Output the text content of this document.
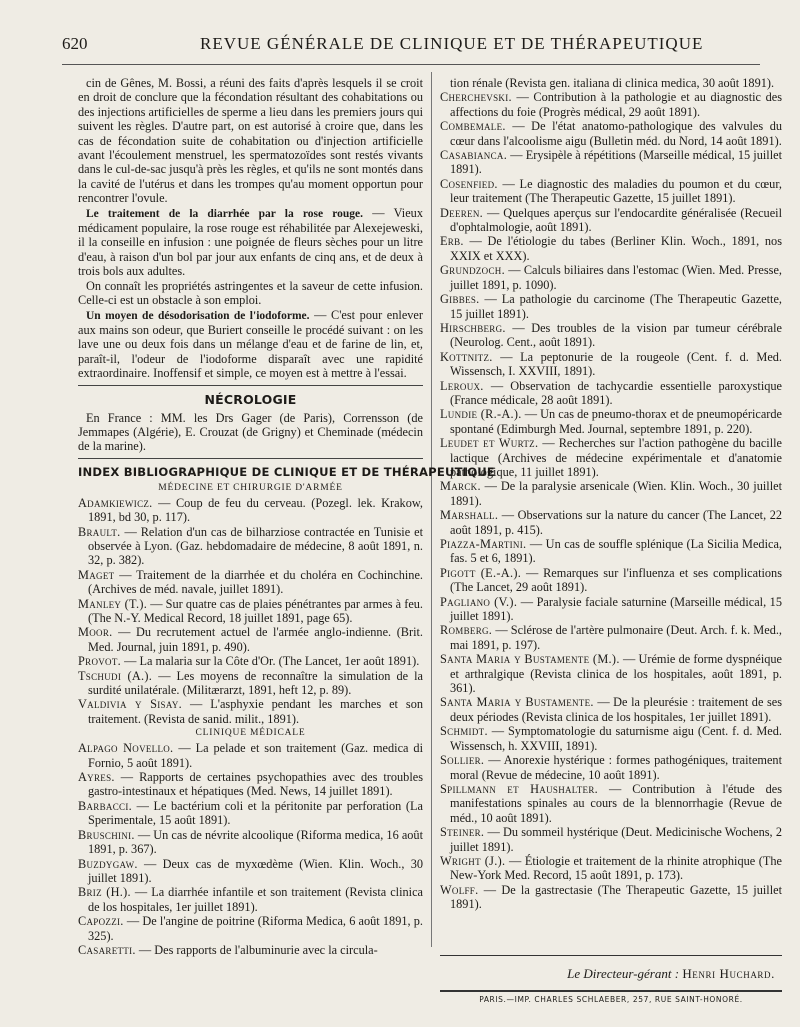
620	REVUE GÉNÉRALE DE CLINIQUE ET DE THÉRAPEUTIQUE

cin de Gênes, M. Bossi, a réuni des faits d'après lesquels il se croit en droit de conclure que la fécondation résultant des cohabitations ou des injections artificielles de sperme a lieu dans les premiers jours qui suivent les règles. D'autre part, on est autorisé à croire que, dans les cas de fécondation suite de cohabitation ou d'injection artificielle avant l'écoulement menstruel, les spermatozoïdes sont restés vivants dans le cul-de-sac jusqu'à près les règles, et qu'ils ne sont montés dans la cavité de l'utérus et dans les trompes qu'au moment opportun pour rencontrer l'ovule.

Le traitement de la diarrhée par la rose rouge. — Vieux médicament populaire, la rose rouge est réhabilitée par Alexejeweski, il la conseille en infusion : une poignée de fleurs sèches pour un litre d'eau, à raison d'un bol par jour aux enfants de cinq ans, et de deux à trois bols aux adultes.

On connaît les propriétés astringentes et la saveur de cette infusion. Celle-ci est un obstacle à son emploi.

Un moyen de désodorisation de l'iodoforme. — C'est pour enlever aux mains son odeur, que Buriert conseille le procédé suivant : on les lave une ou deux fois dans un mélange d'eau et de farine de lin, et, paraît-il, l'odeur de l'iodoforme disparaît avec une rapidité extraordinaire. Inoffensif et simple, ce moyen est à mettre à l'essai.

NÉCROLOGIE

En France : MM. les Drs Gager (de Paris), Corrensson (de Jemmapes (Algérie), E. Crouzat (de Grigny) et Cheminade (médecin de la marine).

INDEX BIBLIOGRAPHIQUE DE CLINIQUE ET DE THÉRAPEUTIQUE
MÉDECINE ET CHIRURGIE D'ARMÉE

Adamkiewicz. — Coup de feu du cerveau. (Pozegl. lek. Krakow, 1891, bd 30, p. 117).

Brault. — Relation d'un cas de bilharziose contractée en Tunisie et observée à Lyon. (Gaz. hebdomadaire de médecine, 8 août 1891, n. 32, p. 382).

Maget — Traitement de la diarrhée et du choléra en Cochinchine. (Archives de méd. navale, juillet 1891).

Manley (T.). — Sur quatre cas de plaies pénétrantes par armes à feu. (The N.-Y. Medical Record, 18 juillet 1891, page 65).

Moor. — Du recrutement actuel de l'armée anglo-indienne. (Brit. Med. Journal, juin 1891, p. 490).

Provot. — La malaria sur la Côte d'Or. (The Lancet, 1er août 1891).

Tschudi (A.). — Les moyens de reconnaître la simulation de la surdité unilatérale. (Militærarzt, 1891, heft 12, p. 89).

Valdivia y Sisay. — L'asphyxie pendant les marches et son traitement. (Revista de sanid. milit., 1891).

CLINIQUE MÉDICALE

Alpago Novello. — La pelade et son traitement (Gaz. medica di Fornio, 5 août 1891).

Ayres. — Rapports de certaines psychopathies avec des troubles gastro-intestinaux et hépatiques (Med. News, 14 juillet 1891).

Barbacci. — Le bactérium coli et la péritonite par perforation (La Sperimentale, 15 août 1891).

Bruschini. — Un cas de névrite alcoolique (Riforma medica, 16 août 1891, p. 367).

Buzdygaw. — Deux cas de myxœdème (Wien. Klin. Woch., 30 juillet 1891).

Briz (H.). — La diarrhée infantile et son traitement (Revista clinica de los hospitales, 1er juillet 1891).

Capozzi. — De l'angine de poitrine (Riforma Medica, 6 août 1891, p. 325).

Casaretti. — Des rapports de l'albuminurie avec la circula-

tion rénale (Revista gen. italiana di clinica medica, 30 août 1891).

Cherchevski. — Contribution à la pathologie et au diagnostic des affections du foie (Progrès médical, 29 août 1891).

Combemale. — De l'état anatomo-pathologique des valvules du cœur dans l'alcoolisme aigu (Bulletin méd. du Nord, 14 août 1891).

Casabianca. — Erysipèle à répétitions (Marseille médical, 15 juillet 1891).

Cosenfied. — Le diagnostic des maladies du poumon et du cœur, leur traitement (The Therapeutic Gazette, 15 juillet 1891).

Deeren. — Quelques aperçus sur l'endocardite généralisée (Recueil d'ophtalmologie, août 1891).

Erb. — De l'étiologie du tabes (Berliner Klin. Woch., 1891, nos XXIX et XXX).

Grundzoch. — Calculs biliaires dans l'estomac (Wien. Med. Presse, juillet 1891, p. 1090).

Gibbes. — La pathologie du carcinome (The Therapeutic Gazette, 15 juillet 1891).

Hirschberg. — Des troubles de la vision par tumeur cérébrale (Neurolog. Cent., août 1891).

Kottnitz. — La peptonurie de la rougeole (Cent. f. d. Med. Wissensch, I. XXVIII, 1891).

Leroux. — Observation de tachycardie essentielle paroxystique (France médicale, 28 août 1891).

Lundie (R.-A.). — Un cas de pneumo-thorax et de pneumopéricarde spontané (Edimburgh Med. Journal, septembre 1891, p. 220).

Leudet et Wurtz. — Recherches sur l'action pathogène du bacille lactique (Archives de médecine expérimentale et d'anatomie pathologique, 11 juillet 1891).

Marck. — De la paralysie arsenicale (Wien. Klin. Woch., 30 juillet 1891).

Marshall. — Observations sur la nature du cancer (The Lancet, 22 août 1891, p. 415).

Piazza-Martini. — Un cas de souffle splénique (La Sicilia Medica, fas. 5 et 6, 1891).

Pigott (E.-A.). — Remarques sur l'influenza et ses complications (The Lancet, 29 août 1891).

Pagliano (V.). — Paralysie faciale saturnine (Marseille médical, 15 juillet 1891).

Romberg. — Sclérose de l'artère pulmonaire (Deut. Arch. f. k. Med., mai 1891, p. 197).

Santa Maria y Bustamente (M.). — Urémie de forme dyspnéique et arthralgique (Revista clinica de los hospitales, août 1891, p. 361).

Santa Maria y Bustamente. — De la pleurésie : traitement de ses deux périodes (Revista clinica de los hospitales, 1er juillet 1891).

Schmidt. — Symptomatologie du saturnisme aigu (Cent. f. d. Med. Wissensch, h. XXVIII, 1891).

Sollier. — Anorexie hystérique : formes pathogéniques, traitement moral (Revue de médecine, 10 août 1891).

Spillmann et Haushalter. — Contribution à l'étude des manifestations spinales au cours de la blennorrhagie (Revue de méd., 10 août 1891).

Steiner. — Du sommeil hystérique (Deut. Medicinische Wochens, 2 juillet 1891).

Wright (J.). — Étiologie et traitement de la rhinite atrophique (The New-York Med. Record, 15 août 1891, p. 173).

Wolff. — De la gastrectasie (The Therapeutic Gazette, 15 juillet 1891).

Le Directeur-gérant : Henri Huchard.
PARIS.—IMP. CHARLES SCHLAEBER, 257, RUE SAINT-HONORÉ.
